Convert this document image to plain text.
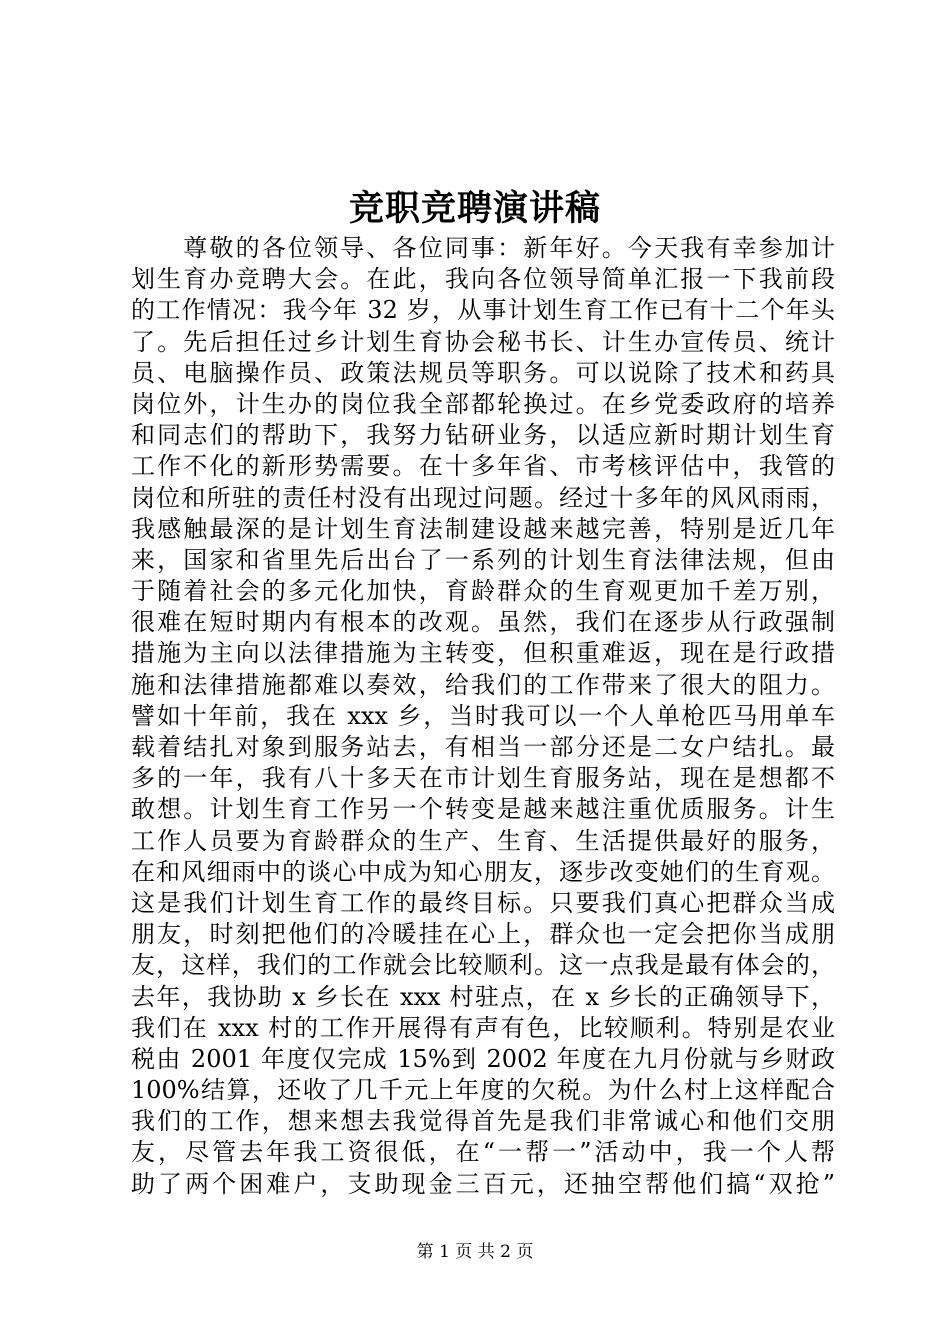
竞职竞聘演讲稿
　　尊敬的各位领导、各位同事：新年好。今天我有幸参加计
划生育办竞聘大会。在此，我向各位领导简单汇报一下我前段
的工作情况：我今年 32 岁，从事计划生育工作已有十二个年头
了。先后担任过乡计划生育协会秘书长、计生办宣传员、统计
员、电脑操作员、政策法规员等职务。可以说除了技术和药具
岗位外，计生办的岗位我全部都轮换过。在乡党委政府的培养
和同志们的帮助下，我努力钻研业务，以适应新时期计划生育
工作不化的新形势需要。在十多年省、市考核评估中，我管的
岗位和所驻的责任村没有出现过问题。经过十多年的风风雨雨，
我感触最深的是计划生育法制建设越来越完善，特别是近几年
来，国家和省里先后出台了一系列的计划生育法律法规，但由
于随着社会的多元化加快，育龄群众的生育观更加千差万别，
很难在短时期内有根本的改观。虽然，我们在逐步从行政强制
措施为主向以法律措施为主转变，但积重难返，现在是行政措
施和法律措施都难以奏效，给我们的工作带来了很大的阻力。
譬如十年前，我在 xxx 乡，当时我可以一个人单枪匹马用单车
载着结扎对象到服务站去，有相当一部分还是二女户结扎。最
多的一年，我有八十多天在市计划生育服务站，现在是想都不
敢想。计划生育工作另一个转变是越来越注重优质服务。计生
工作人员要为育龄群众的生产、生育、生活提供最好的服务，
在和风细雨中的谈心中成为知心朋友，逐步改变她们的生育观。
这是我们计划生育工作的最终目标。只要我们真心把群众当成
朋友，时刻把他们的冷暖挂在心上，群众也一定会把你当成朋
友，这样，我们的工作就会比较顺利。这一点我是最有体会的，
去年，我协助 x 乡长在 xxx 村驻点，在 x 乡长的正确领导下，
我们在 xxx 村的工作开展得有声有色，比较顺利。特别是农业
税由 2001 年度仅完成 15%到 2002 年度在九月份就与乡财政
100%结算，还收了几千元上年度的欠税。为什么村上这样配合
我们的工作，想来想去我觉得首先是我们非常诚心和他们交朋
友，尽管去年我工资很低，在“一帮一”活动中，我一个人帮
助了两个困难户，支助现金三百元，还抽空帮他们搞“双抢”
第 1 页 共 2 页
